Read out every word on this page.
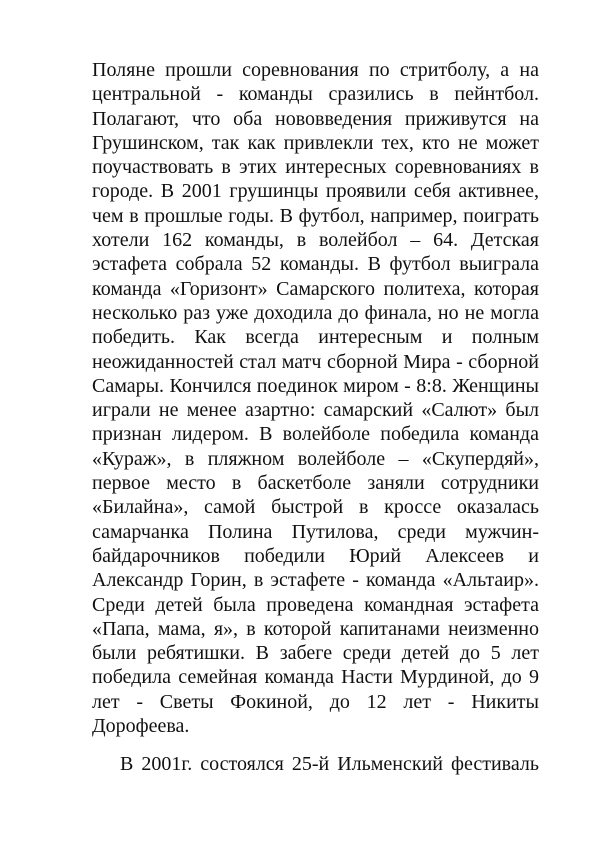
Поляне прошли соревнования по стритболу, а на
центральной - команды сразились в пейнтбол.
Полагают, что оба нововведения приживутся на
Грушинском, так как привлекли тех, кто не может
поучаствовать в этих интересных соревнованиях в
городе. В 2001 грушинцы проявили себя активнее,
чем в прошлые годы. В футбол, например, поиграть
хотели 162 команды, в волейбол – 64. Детская
эстафета собрала 52 команды. В футбол выиграла
команда «Горизонт» Самарского политеха, которая
несколько раз уже доходила до финала, но не могла
победить. Как всегда интересным и полным
неожиданностей стал матч сборной Мира - сборной
Самары. Кончился поединок миром - 8:8. Женщины
играли не менее азартно: самарский «Салют» был
признан лидером. В волейболе победила команда
«Кураж», в пляжном волейболе – «Скупердяй»,
первое место в баскетболе заняли сотрудники
«Билайна», самой быстрой в кроссе оказалась
самарчанка Полина Путилова, среди мужчин-
байдарочников победили Юрий Алексеев и
Александр Горин, в эстафете - команда «Альтаир».
Среди детей была проведена командная эстафета
«Папа, мама, я», в которой капитанами неизменно
были ребятишки. В забеге среди детей до 5 лет
победила семейная команда Насти Мурдиной, до 9
лет - Светы Фокиной, до 12 лет - Никиты
Дорофеева.
В 2001г. состоялся 25-й Ильменский фестиваль
